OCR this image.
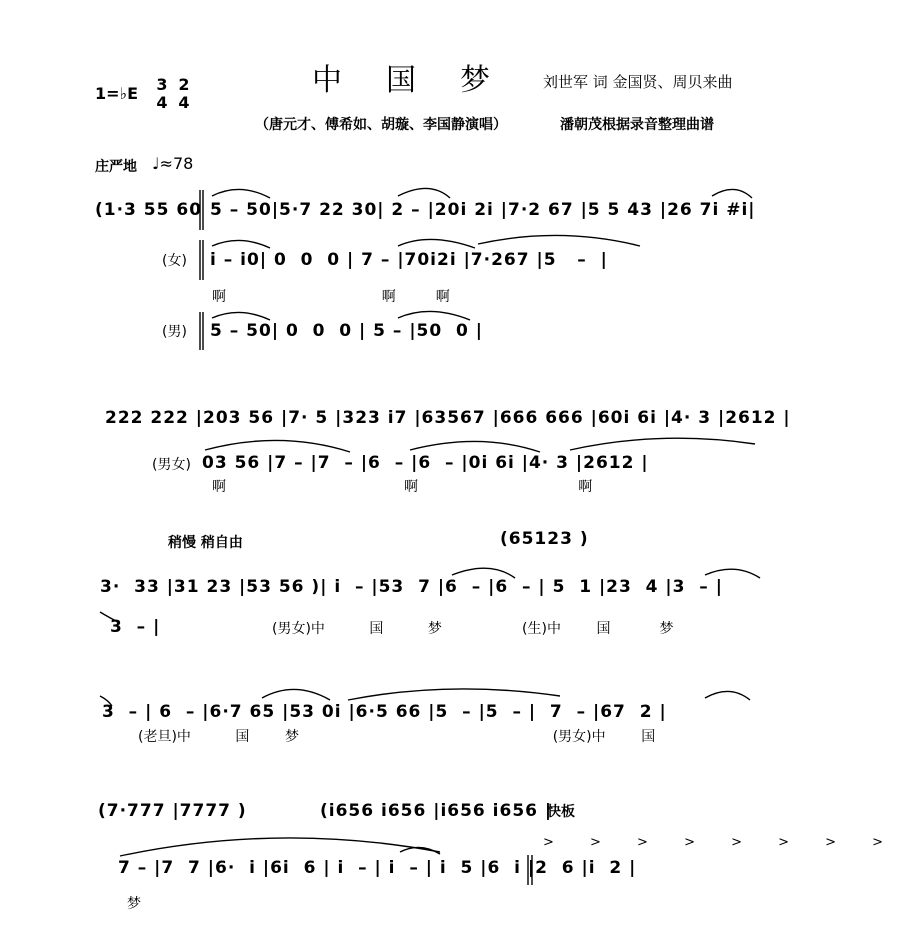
1=♭E 3
4
2
4
中国梦 刘世军 词 金国贤、周贝来曲
（唐元才、傅希如、胡璇、李国静演唱）	潘朝茂根据录音整理曲谱
庄严地 ♩≈78
(1·3 55 60 5 – 50|5·7 22 30| 2 – |20i 2i |7·2 67 |5 5 43 |26 7i #i|
(女) i – i0| 0  0  0 | 7 – |70i2i |7·267 |5   –  |
啊                                   啊         啊
(男) 5 – 50| 0  0  0 | 5 – |50  0 |
222 222 |203 56 |7· 5 |323 i7 |63567 |666 666 |60i 6i |4· 3 |2612 |
(男女) 03 56 |7 – |7  – |6  – |6  – |0i 6i |4· 3 |2612 |
啊                                        啊                                    啊
稍慢 稍自由	(65123 )
3·  33 |31 23 |53 56 )| i  – |53  7 |6  – |6  – | 5  1 |23  4 |3  – |
3  – |	(男女)中          国          梦                  (生)中        国           梦
3  – | 6  – |6·7 65 |53 0i |6·5 66 |5  – |5  – |  7  – |67  2 |
(老旦)中          国        梦                                                         (男女)中        国
(7·777 |7777 )	(i656 i656 |i656 i656 |
快板
> > > > > > > >
7 – |7  7 |6·  i |6i  6 | i  – | i  – | i  5 |6  i |2  6 |i  2 |
梦
